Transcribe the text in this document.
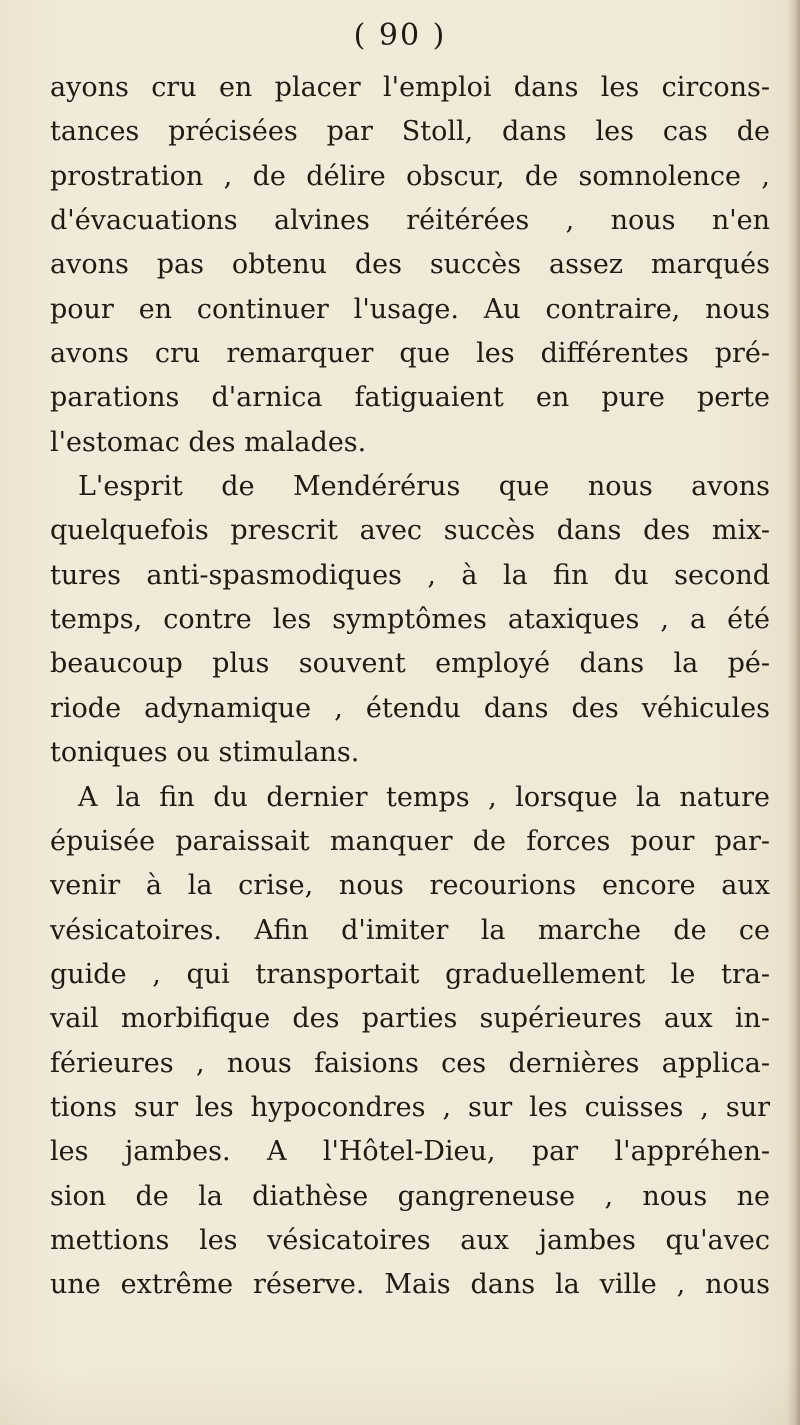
( 90 )
ayons cru en placer l'emploi dans les circons-
tances précisées par Stoll, dans les cas de
prostration , de délire obscur, de somnolence ,
d'évacuations alvines réitérées , nous n'en
avons pas obtenu des succès assez marqués
pour en continuer l'usage. Au contraire, nous
avons cru remarquer que les différentes pré-
parations d'arnica fatiguaient en pure perte
l'estomac des malades.
L'esprit de Mendérérus que nous avons
quelquefois prescrit avec succès dans des mix-
tures anti-spasmodiques , à la fin du second
temps, contre les symptômes ataxiques , a été
beaucoup plus souvent employé dans la pé-
riode adynamique , étendu dans des véhicules
toniques ou stimulans.
A la fin du dernier temps , lorsque la nature
épuisée paraissait manquer de forces pour par-
venir à la crise, nous recourions encore aux
vésicatoires. Afin d'imiter la marche de ce
guide , qui transportait graduellement le tra-
vail morbifique des parties supérieures aux in-
férieures , nous faisions ces dernières applica-
tions sur les hypocondres , sur les cuisses , sur
les jambes. A l'Hôtel-Dieu, par l'appréhen-
sion de la diathèse gangreneuse , nous ne
mettions les vésicatoires aux jambes qu'avec
une extrême réserve. Mais dans la ville , nous
